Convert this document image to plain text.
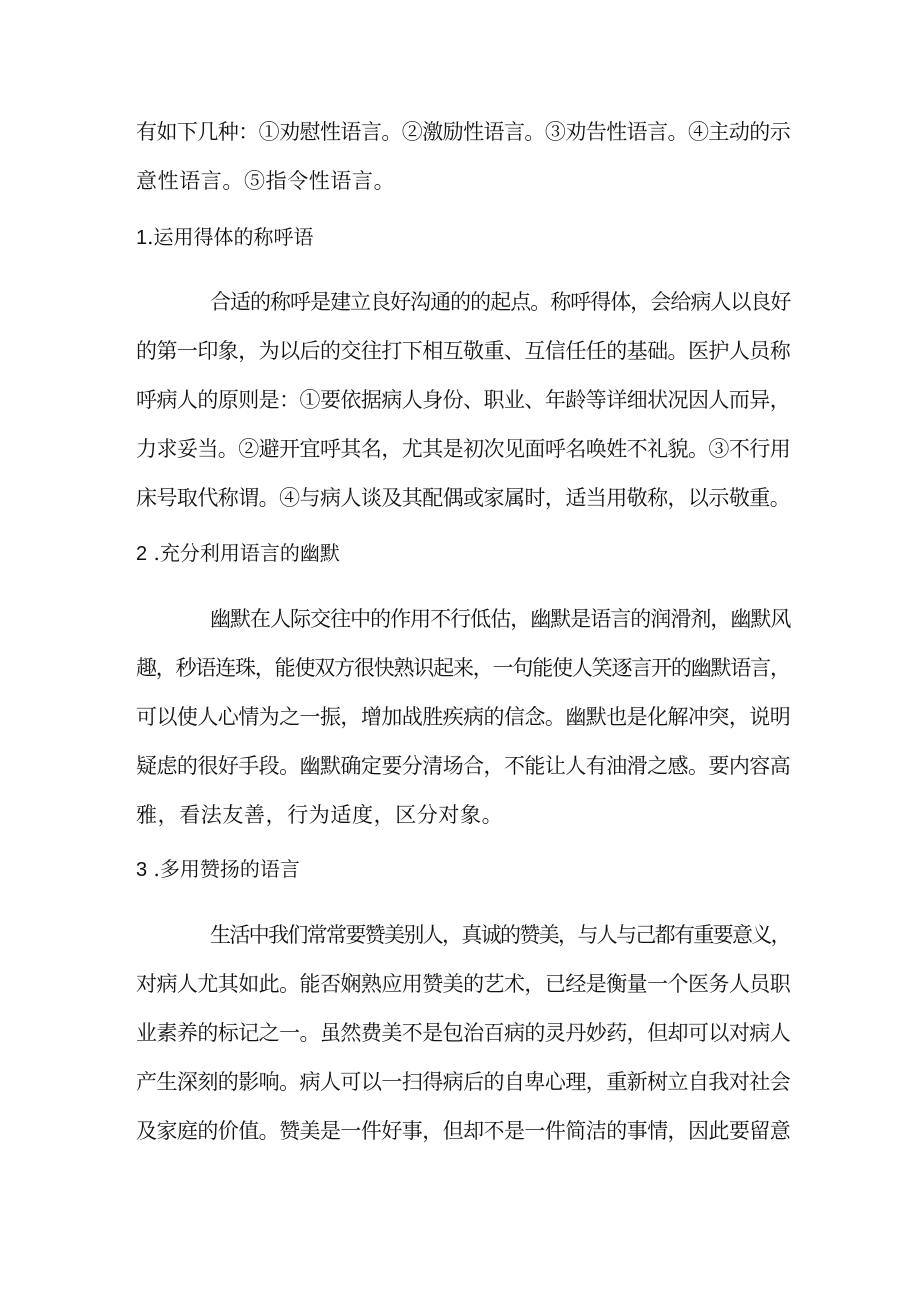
有如下几种：①劝慰性语言。②激励性语言。③劝告性语言。④主动的示
意性语言。⑤指令性语言。
1.运用得体的称呼语
合适的称呼是建立良好沟通的的起点。称呼得体，会给病人以良好
的第一印象，为以后的交往打下相互敬重、互信任任的基础。医护人员称
呼病人的原则是：①要依据病人身份、职业、年龄等详细状况因人而异，
力求妥当。②避开宜呼其名，尤其是初次见面呼名唤姓不礼貌。③不行用
床号取代称谓。④与病人谈及其配偶或家属时，适当用敬称，以示敬重。
2 .充分利用语言的幽默
幽默在人际交往中的作用不行低估，幽默是语言的润滑剂，幽默风
趣，秒语连珠，能使双方很快熟识起来，一句能使人笑逐言开的幽默语言，
可以使人心情为之一振，增加战胜疾病的信念。幽默也是化解冲突，说明
疑虑的很好手段。幽默确定要分清场合，不能让人有油滑之感。要内容高
雅，看法友善，行为适度，区分对象。
3 .多用赞扬的语言
生活中我们常常要赞美别人，真诚的赞美，与人与己都有重要意义，
对病人尤其如此。能否娴熟应用赞美的艺术，已经是衡量一个医务人员职
业素养的标记之一。虽然费美不是包治百病的灵丹妙药，但却可以对病人
产生深刻的影响。病人可以一扫得病后的自卑心理，重新树立自我对社会
及家庭的价值。赞美是一件好事，但却不是一件简洁的事情，因此要留意
